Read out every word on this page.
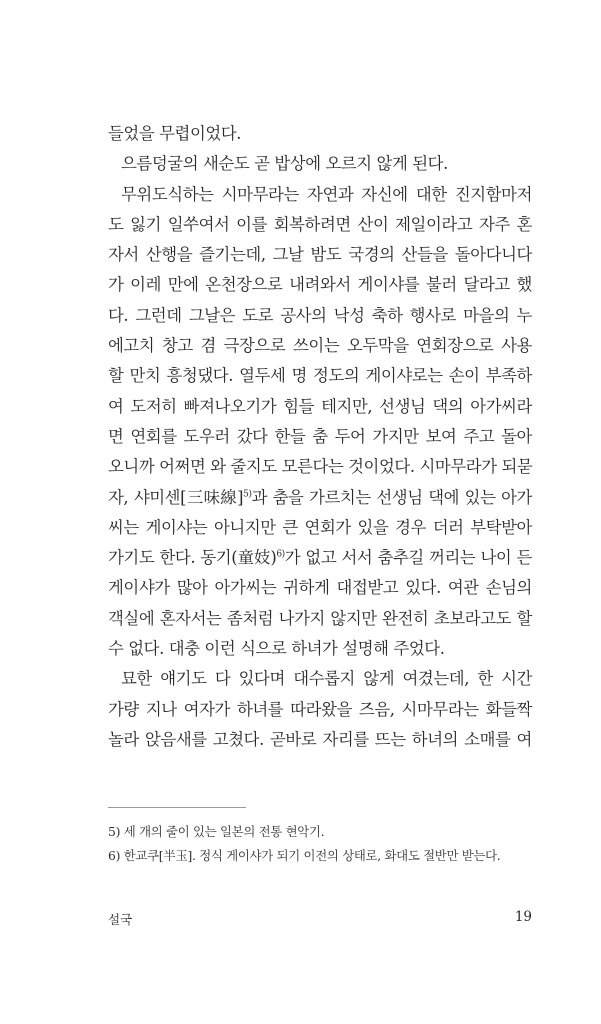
들었을 무렵이었다.
으름덩굴의 새순도 곧 밥상에 오르지 않게 된다.
무위도식하는 시마무라는 자연과 자신에 대한 진지함마저
도 잃기 일쑤여서 이를 회복하려면 산이 제일이라고 자주 혼
자서 산행을 즐기는데, 그날 밤도 국경의 산들을 돌아다니다
가 이레 만에 온천장으로 내려와서 게이샤를 불러 달라고 했
다. 그런데 그날은 도로 공사의 낙성 축하 행사로 마을의 누
에고치 창고 겸 극장으로 쓰이는 오두막을 연회장으로 사용
할 만치 흥청댔다. 열두세 명 정도의 게이샤로는 손이 부족하
여 도저히 빠져나오기가 힘들 테지만, 선생님 댁의 아가씨라
면 연회를 도우러 갔다 한들 춤 두어 가지만 보여 주고 돌아
오니까 어쩌면 와 줄지도 모른다는 것이었다. 시마무라가 되묻
자, 샤미센[三味線]$^{5)}$과 춤을 가르치는 선생님 댁에 있는 아가
씨는 게이샤는 아니지만 큰 연회가 있을 경우 더러 부탁받아
가기도 한다. 동기(童妓)$^{6)}$가 없고 서서 춤추길 꺼리는 나이 든
게이샤가 많아 아가씨는 귀하게 대접받고 있다. 여관 손님의
객실에 혼자서는 좀처럼 나가지 않지만 완전히 초보라고도 할
수 없다. 대충 이런 식으로 하녀가 설명해 주었다.
묘한 얘기도 다 있다며 대수롭지 않게 여겼는데, 한 시간
가량 지나 여자가 하녀를 따라왔을 즈음, 시마무라는 화들짝
놀라 앉음새를 고쳤다. 곧바로 자리를 뜨는 하녀의 소매를 여
5) 세 개의 줄이 있는 일본의 전통 현악기.
6) 한교쿠[半玉]. 정식 게이샤가 되기 이전의 상태로, 화대도 절반만 받는다.
설국	19
